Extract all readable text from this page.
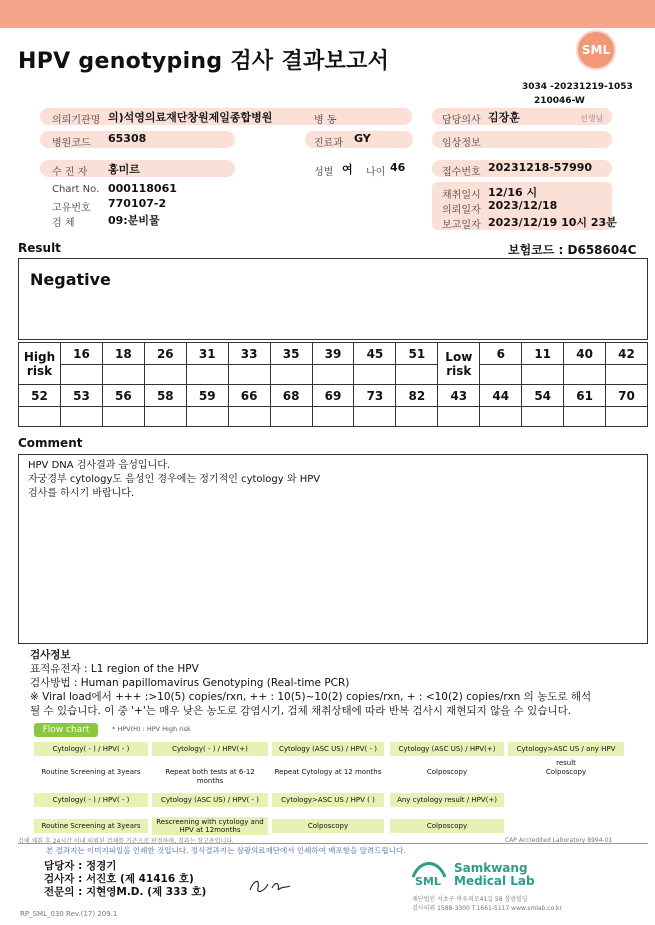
HPV genotyping 검사 결과보고서	SML
3034 -20231219-1053
210046-W
의뢰기관명 의)석영의료재단창원제일종합병원	병 동	담당의사 김장훈	선생님
병원코드 65308	진료과 GY	임상정보
수 진 자 홍미르	성별 여 나이 46	접수번호 20231218-57990
Chart No. 000118061
고유번호 770107-2
검 체	09:분비물
채취일시 12/16 시
의뢰일자 2023/12/18
보고일자 2023/12/19 10시 23분
Result	보험코드 : D658604C
Negative
High risk	16	18	26	31	33	35	39	45	51	Low risk	6	11	40	42

52	53	56	58	59	66	68	69	73	82	43	44	54	61	70

Comment
HPV DNA 검사결과 음성입니다.
자궁경부 cytology도 음성인 경우에는 정기적인 cytology 와 HPV
검사를 하시기 바랍니다.
검사정보
표적유전자 : L1 region of the HPV
검사방법 : Human papillomavirus Genotyping (Real-time PCR)
※ Viral load에서 +++ :>10(5) copies/rxn, ++ : 10(5)~10(2) copies/rxn, + : <10(2) copies/rxn 의 농도로 해석
될 수 있습니다. 이 중 '+'는 매우 낮은 농도로 감염시기, 검체 채취상태에 따라 반복 검사시 재현되지 않을 수 있습니다.
Flow chart	* HPV(H) : HPV High risk
Cytology( - ) / HPV( - )	Cytology( - ) / HPV(+)	Cytology (ASC US) / HPV( - )	Cytology (ASC US) / HPV(+)	Cytology>ASC US / any HPV result
Routine Screening at 3years	Repeat both tests at 6-12 months
Repeat Cytology at 12 months	Colposcopy	Colposcopy
Cytology( - ) / HPV( - )	Cytology (ASC US) / HPV( - )	Cytology>ASC US / HPV ( )	Any cytology result / HPV(+)
Routine Screening at 3years	Rescreening with cytology and HPV at 12months	Colposcopy	Colposcopy
검체 채취 후 24시간 이내 의뢰된 검체를 기준으로 판정하며, 결과는 참고용입니다.	CAP Accredited Laboratory 8994-01
본 결과지는 이미지파일을 인쇄한 것입니다. 정식결과지는 삼광의료재단에서 인쇄하여 배포함을 알려드립니다.
담당자 : 정경기
검사자 : 서진호 (제 41416 호)
전문의 : 지현영M.D. (제 333 호)
SML
Samkwang
Medical Lab
재단법인 서초구 바우뫼로41길 58 삼광빌딩
검사의뢰 1588-3300 T.1661-5117 www.smlab.co.kr
RP_SML_030 Rev.(17) 209.1
